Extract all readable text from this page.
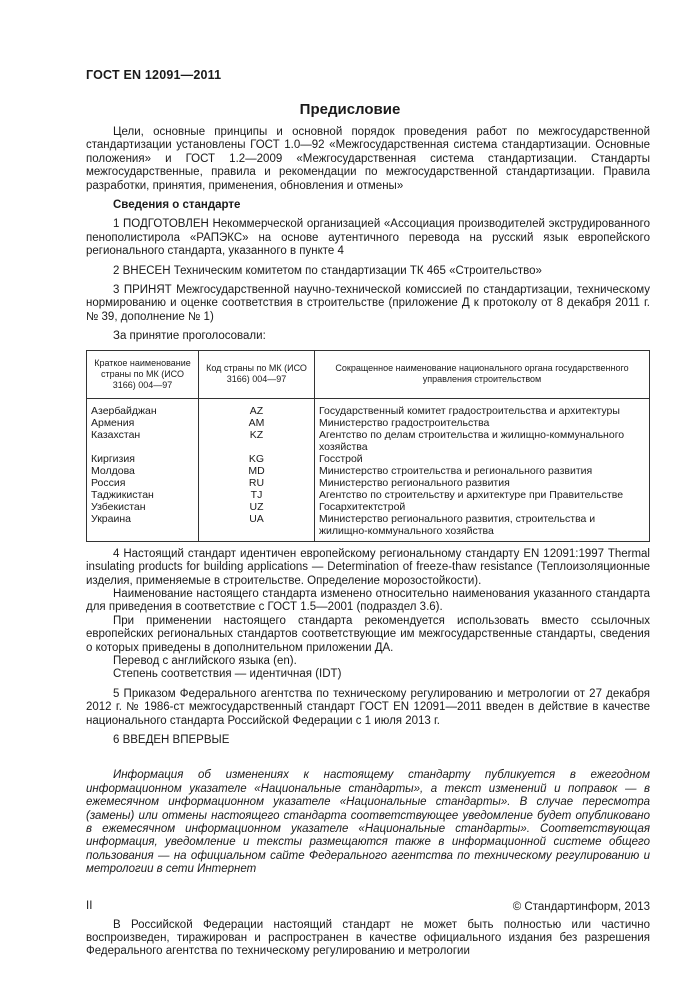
ГОСТ EN 12091—2011
Предисловие

Цели, основные принципы и основной порядок проведения работ по межгосударственной стандартизации установлены ГОСТ 1.0—92 «Межгосударственная система стандартизации. Основные положения» и ГОСТ 1.2—2009 «Межгосударственная система стандартизации. Стандарты межгосударственные, правила и рекомендации по межгосударственной стандартизации. Правила разработки, принятия, применения, обновления и отмены»

Сведения о стандарте

1 ПОДГОТОВЛЕН Некоммерческой организацией «Ассоциация производителей экструдированного пенополистирола «РАПЭКС» на основе аутентичного перевода на русский язык европейского регионального стандарта, указанного в пункте 4

2 ВНЕСЕН Техническим комитетом по стандартизации ТК 465 «Строительство»

3 ПРИНЯТ Межгосударственной научно-технической комиссией по стандартизации, техническому нормированию и оценке соответствия в строительстве (приложение Д к протоколу от 8 декабря 2011 г. № 39, дополнение № 1)

За принятие проголосовали:

Краткое наименование страны по МК (ИСО 3166) 004—97	Код страны по МК (ИСО 3166) 004—97	Сокращенное наименование национального органа государственного управления строительством
Азербайджан	AZ	Государственный комитет градостроительства и архитектуры
Армения	AM	Министерство градостроительства
Казахстан	KZ	Агентство по делам строительства и жилищно-коммунального хозяйства
Киргизия	KG	Госстрой
Молдова	MD	Министерство строительства и регионального развития
Россия	RU	Министерство регионального развития
Таджикистан	TJ	Агентство по строительству и архитектуре при Правительстве
Узбекистан	UZ	Госархитектстрой
Украина	UA	Министерство регионального развития, строительства и жилищно-коммунального хозяйства

4 Настоящий стандарт идентичен европейскому региональному стандарту EN 12091:1997 Thermal insulating products for building applications — Determination of freeze-thaw resistance (Теплоизоляционные изделия, применяемые в строительстве. Определение морозостойкости).

Наименование настоящего стандарта изменено относительно наименования указанного стандарта для приведения в соответствие с ГОСТ 1.5—2001 (подраздел 3.6).

При применении настоящего стандарта рекомендуется использовать вместо ссылочных европейских региональных стандартов соответствующие им межгосударственные стандарты, сведения о которых приведены в дополнительном приложении ДА.

Перевод с английского языка (en).

Степень соответствия — идентичная (IDT)

5 Приказом Федерального агентства по техническому регулированию и метрологии от 27 декабря 2012 г. № 1986-ст межгосударственный стандарт ГОСТ EN 12091—2011 введен в действие в качестве национального стандарта Российской Федерации с 1 июля 2013 г.

6 ВВЕДЕН ВПЕРВЫЕ

Информация об изменениях к настоящему стандарту публикуется в ежегодном информационном указателе «Национальные стандарты», а текст изменений и поправок — в ежемесячном информационном указателе «Национальные стандарты». В случае пересмотра (замены) или отмены настоящего стандарта соответствующее уведомление будет опубликовано в ежемесячном информационном указателе «Национальные стандарты». Соответствующая информация, уведомление и тексты размещаются также в информационной системе общего пользования — на официальном сайте Федерального агентства по техническому регулированию и метрологии в сети Интернет

© Стандартинформ, 2013

В Российской Федерации настоящий стандарт не может быть полностью или частично воспроизведен, тиражирован и распространен в качестве официального издания без разрешения Федерального агентства по техническому регулированию и метрологии

II
